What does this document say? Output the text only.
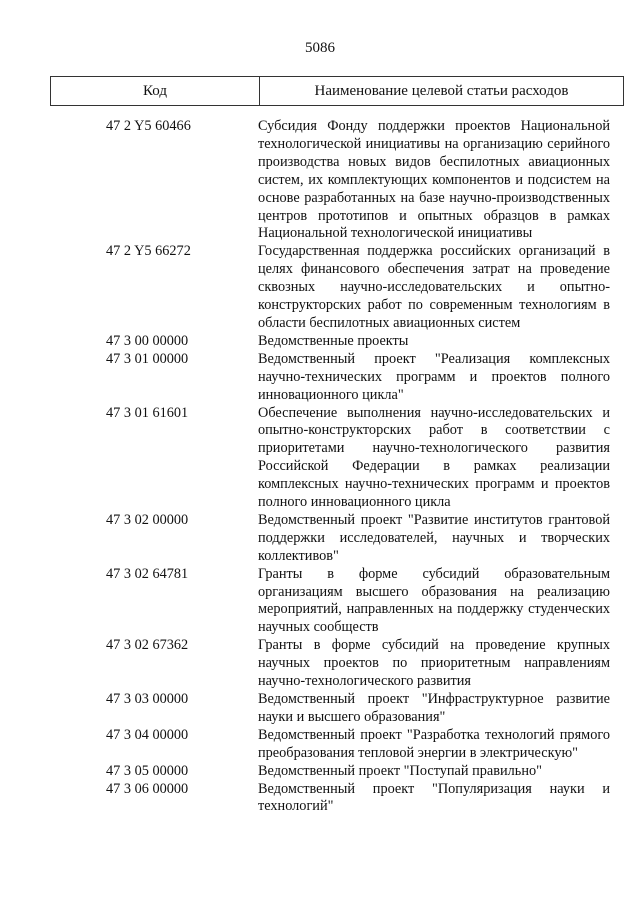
5086
Код	Наименование целевой статьи расходов
47 2 Y5 60466	Субсидия Фонду поддержки проектов Национальной технологической инициативы на организацию серийного производства новых видов беспилотных авиационных систем, их комплектующих компонентов и подсистем на основе разработанных на базе научно-производственных центров прототипов и опытных образцов в рамках Национальной технологической инициативы
47 2 Y5 66272	Государственная поддержка российских организаций в целях финансового обеспечения затрат на проведение сквозных научно-исследовательских и опытно-конструкторских работ по современным технологиям в области беспилотных авиационных систем
47 3 00 00000	Ведомственные проекты
47 3 01 00000	Ведомственный проект "Реализация комплексных научно-технических программ и проектов полного инновационного цикла"
47 3 01 61601	Обеспечение выполнения научно-исследовательских и опытно-конструкторских работ в соответствии с приоритетами научно-технологического развития Российской Федерации в рамках реализации комплексных научно-технических программ и проектов полного инновационного цикла
47 3 02 00000	Ведомственный проект "Развитие институтов грантовой поддержки исследователей, научных и творческих коллективов"
47 3 02 64781	Гранты в форме субсидий образовательным организациям высшего образования на реализацию мероприятий, направленных на поддержку студенческих научных сообществ
47 3 02 67362	Гранты в форме субсидий на проведение крупных научных проектов по приоритетным направлениям научно-технологического развития
47 3 03 00000	Ведомственный проект "Инфраструктурное развитие науки и высшего образования"
47 3 04 00000	Ведомственный проект "Разработка технологий прямого преобразования тепловой энергии в электрическую"
47 3 05 00000	Ведомственный проект "Поступай правильно"
47 3 06 00000	Ведомственный проект "Популяризация науки и технологий"
